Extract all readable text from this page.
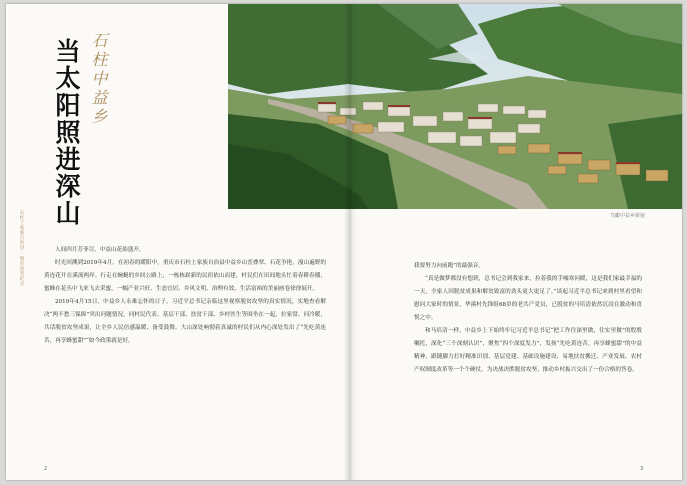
鸟瞰中益乡新貌
当太阳照进深山 石柱中益乡
石柱土家族自治县 · 脱贫攻坚纪实	人间四月芳菲尽，中益山花始盛开。

时光回溯到2019年4月。在初春的暖阳中，重庆市石柱土家族自治县中益乡山峦叠翠、石花争艳，漫山遍野的黄连花开在溪流两岸。行走在蜿蜒的乡间公路上，一栋栋崭新的民宿依山而建，村民们在田间地头忙着春耕春播，蜜蜂在花丛中飞来飞去采蜜，一幅产业兴旺、生态宜居、乡风文明、治理有效、生活富裕的美丽画卷徐徐展开。

2019年4月15日，中益乡人永难忘怀的日子。习近平总书记亲临这里视察脱贫攻坚的真实情况，实地查看解决“两不愁三保障”突出问题情况，同村民代表、基层干部、扶贫干部、乡村医生等围坐在一起，拉家常、问冷暖，共话脱贫攻坚成果，让全乡人民倍感温暖、备受鼓舞。大山深处响彻着真诚的村民们从内心深处发出了“先吃黄连苦，再享蜂蜜甜”“如今政策就是好，

我要努力向前跑”的最强音。

“真是做梦都没有想到，总书记会到我家来，拉着我的手嘘寒问暖，这是我们家最幸福的一天，全家人因脱贫成果和解贫致富的劲头更大更足了。”谈起习近平总书记来到村里看望和慰问大家时的情景，华溪村先锋组68岁的老共产党员，已脱贫的马培清依然沉浸在激动和喜悦之中。

和马培清一样，中益乡上下始终牢记习近平总书记“把工作往深里做，往实里做”的殷殷嘱托，深化“三个深刻认识”，聚焦“四个深度发力”，发扬“先吃黄连苦，再享蜂蜜甜”的中益精神，跟随脚力打好精准识别、基层党建、基础设施建设、易地扶贫搬迁、产业发展、农村产权制度改革等一个个硬仗，为决战决胜脱贫攻坚、推动乡村振兴交出了一份合格的答卷。

2	3
